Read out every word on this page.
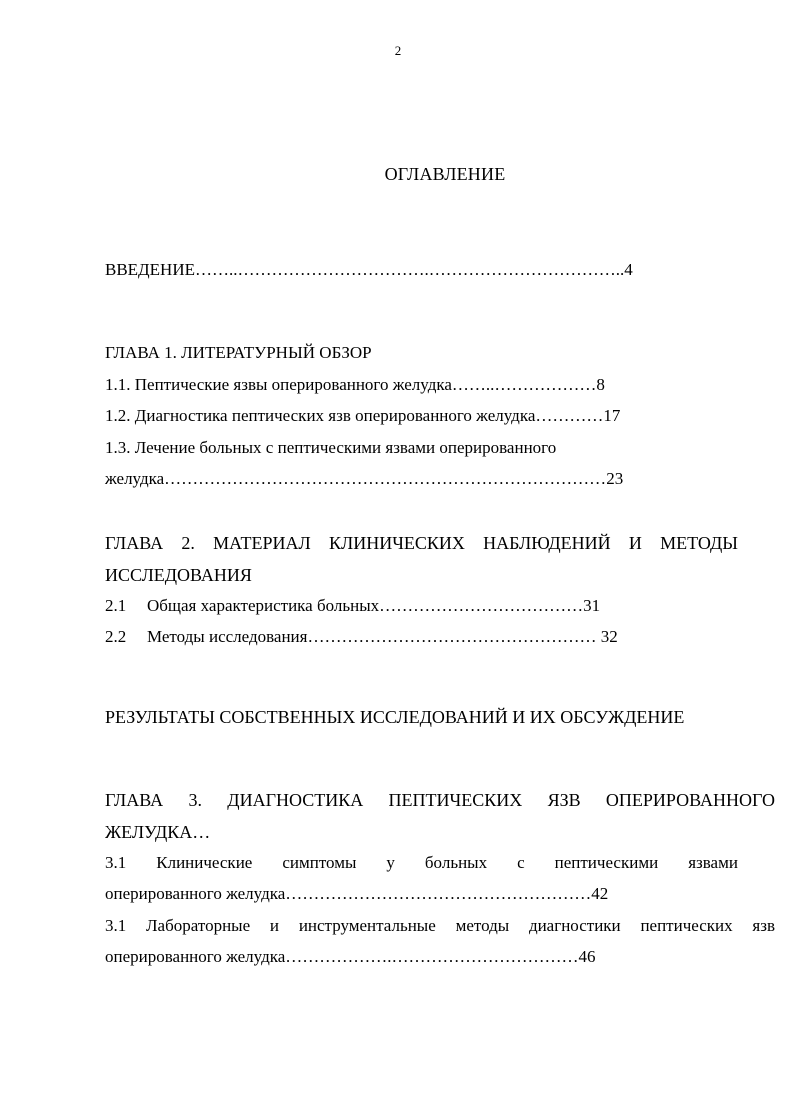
2
ОГЛАВЛЕНИЕ
ВВЕДЕНИЕ……..…………………………….……………………………..4
ГЛАВА 1. ЛИТЕРАТУРНЫЙ ОБЗОР
1.1. Пептические язвы оперированного желудка……..………………8
1.2. Диагностика пептических язв оперированного желудка…………17
1.3. Лечение больных с пептическими язвами оперированного
желудка……………………………………………………………………23
ГЛАВА 2. МАТЕРИАЛ КЛИНИЧЕСКИХ НАБЛЮДЕНИЙ И МЕТОДЫ
ИССЛЕДОВАНИЯ
2.1 Общая характеристика больных………………………………31
2.2 Методы исследования…………………………………………… 32
РЕЗУЛЬТАТЫ СОБСТВЕННЫХ ИССЛЕДОВАНИЙ И ИХ ОБСУЖДЕНИЕ
ГЛАВА 3. ДИАГНОСТИКА ПЕПТИЧЕСКИХ ЯЗВ ОПЕРИРОВАННОГО
ЖЕЛУДКА…
3.1 Клинические симптомы у больных с пептическими язвами
оперированного желудка………………………………………………42
3.1 Лабораторные и инструментальные методы диагностики пептических язв
оперированного желудка……………….……………………………46
